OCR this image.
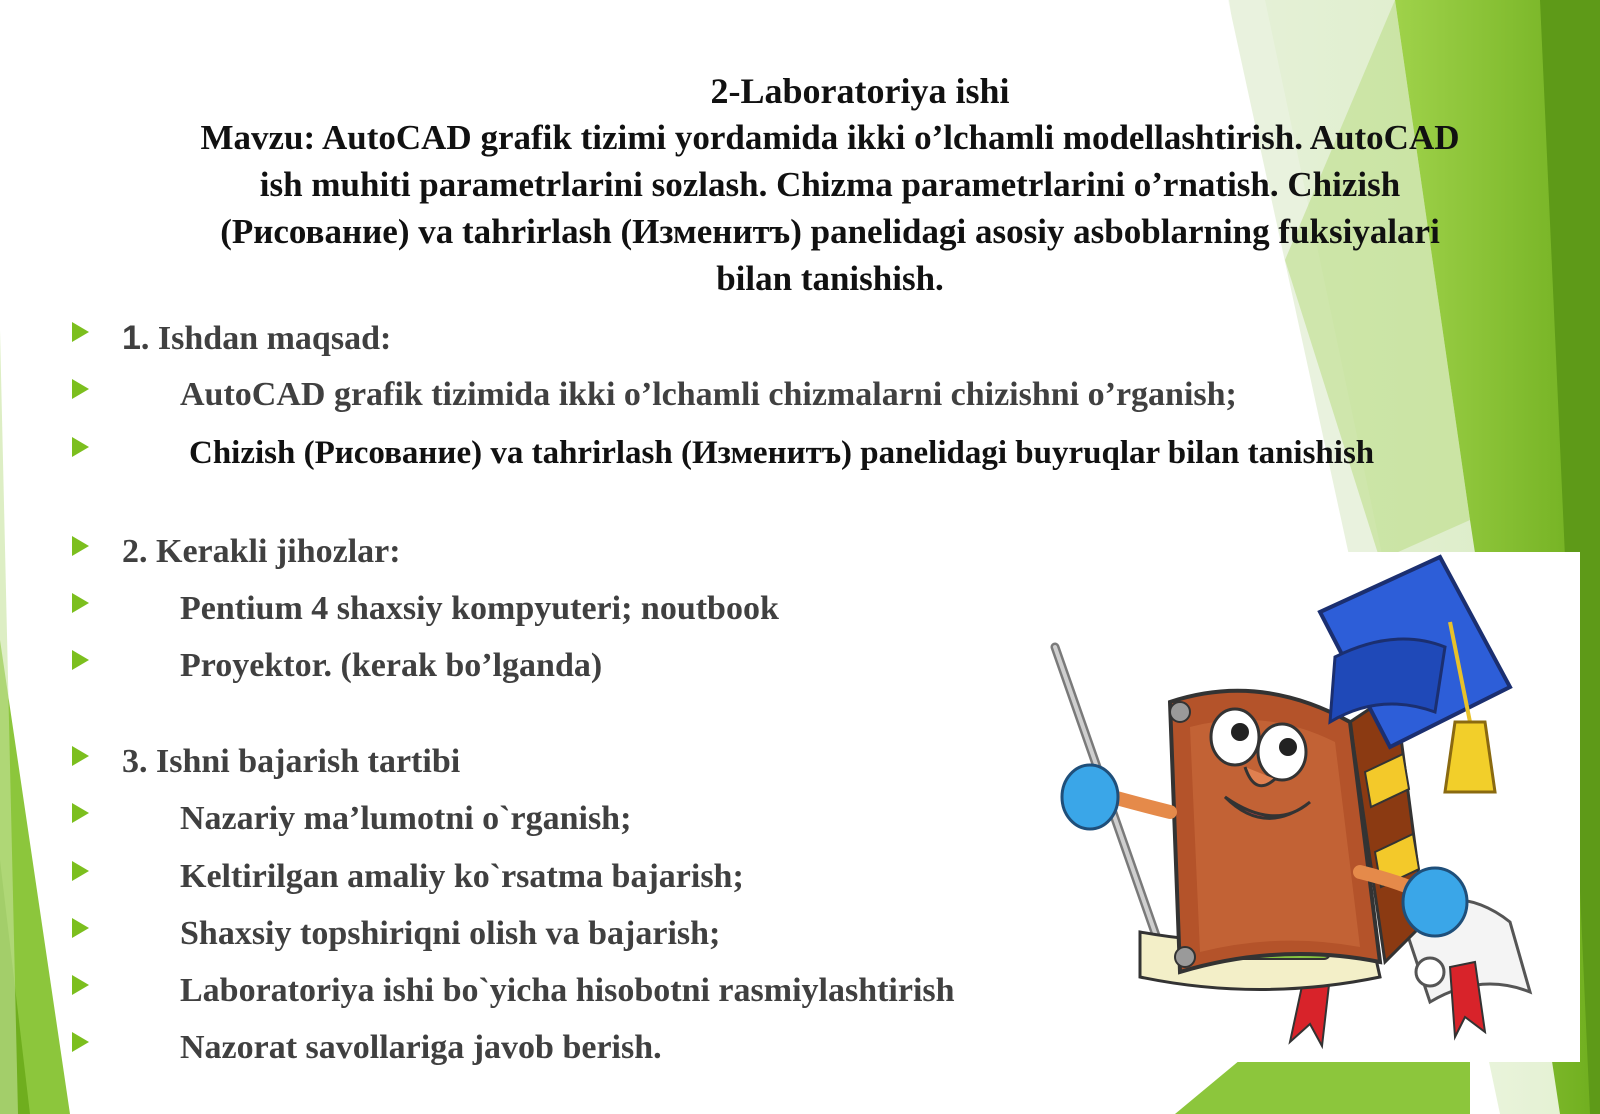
2-Laboratoriya ishi
Mavzu: AutoCAD grafik tizimi yordamida ikki o’lchamli modellashtirish. AutoCAD
ish muhiti parametrlarini sozlash. Chizma parametrlarini o’rnatish. Chizish
(Рисование) va tahrirlash (Изменитъ) panelidagi asosiy asboblarning fuksiyalari
bilan tanishish.
1. Ishdan maqsad:
AutoCAD grafik tizimida ikki o’lchamli chizmalarni chizishni o’rganish;
Chizish (Рисование) va tahrirlash (Изменитъ) panelidagi buyruqlar bilan tanishish
2. Kerakli jihozlar:
Pentium 4 shaxsiy kompyuteri; noutbook
Proyektor. (kerak bo’lganda)
3. Ishni bajarish tartibi
Nazariy ma’lumotni o`rganish;
Keltirilgan amaliy ko`rsatma bajarish;
Shaxsiy topshiriqni olish va bajarish;
Laboratoriya ishi bo`yicha hisobotni rasmiylashtirish
Nazorat savollariga javob berish.
